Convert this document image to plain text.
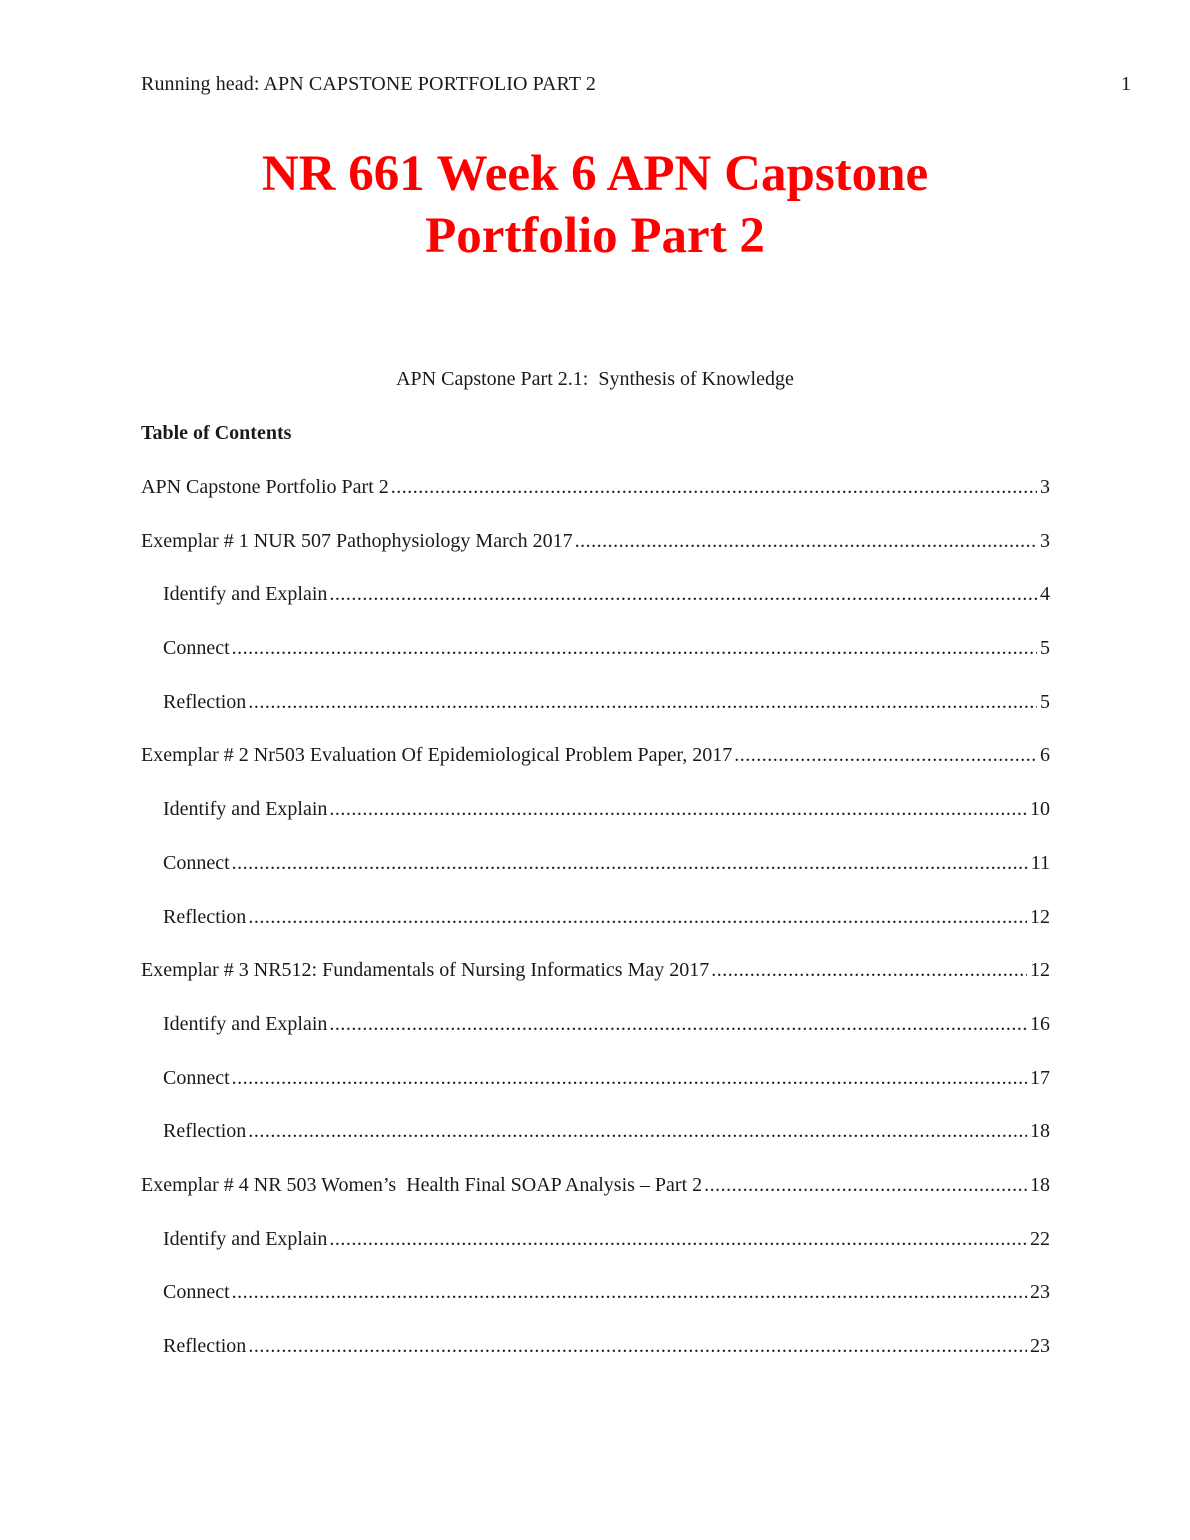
Running head: APN CAPSTONE PORTFOLIO PART 2	1
NR 661 Week 6 APN Capstone
Portfolio Part 2
APN Capstone Part 2.1:  Synthesis of Knowledge
Table of Contents
APN Capstone Portfolio Part 2 .....	3
Exemplar # 1 NUR 507 Pathophysiology March 2017 .....	3
Identify and Explain .....	4
Connect .....	5
Reflection .....	5
Exemplar # 2 Nr503 Evaluation Of Epidemiological Problem Paper, 2017 .....	6
Identify and Explain .....	10
Connect .....	11
Reflection .....	12
Exemplar # 3 NR512: Fundamentals of Nursing Informatics May 2017 .....	12
Identify and Explain .....	16
Connect .....	17
Reflection .....	18
Exemplar # 4 NR 503 Women’s  Health Final SOAP Analysis – Part 2 .....	18
Identify and Explain .....	22
Connect .....	23
Reflection .....	23
